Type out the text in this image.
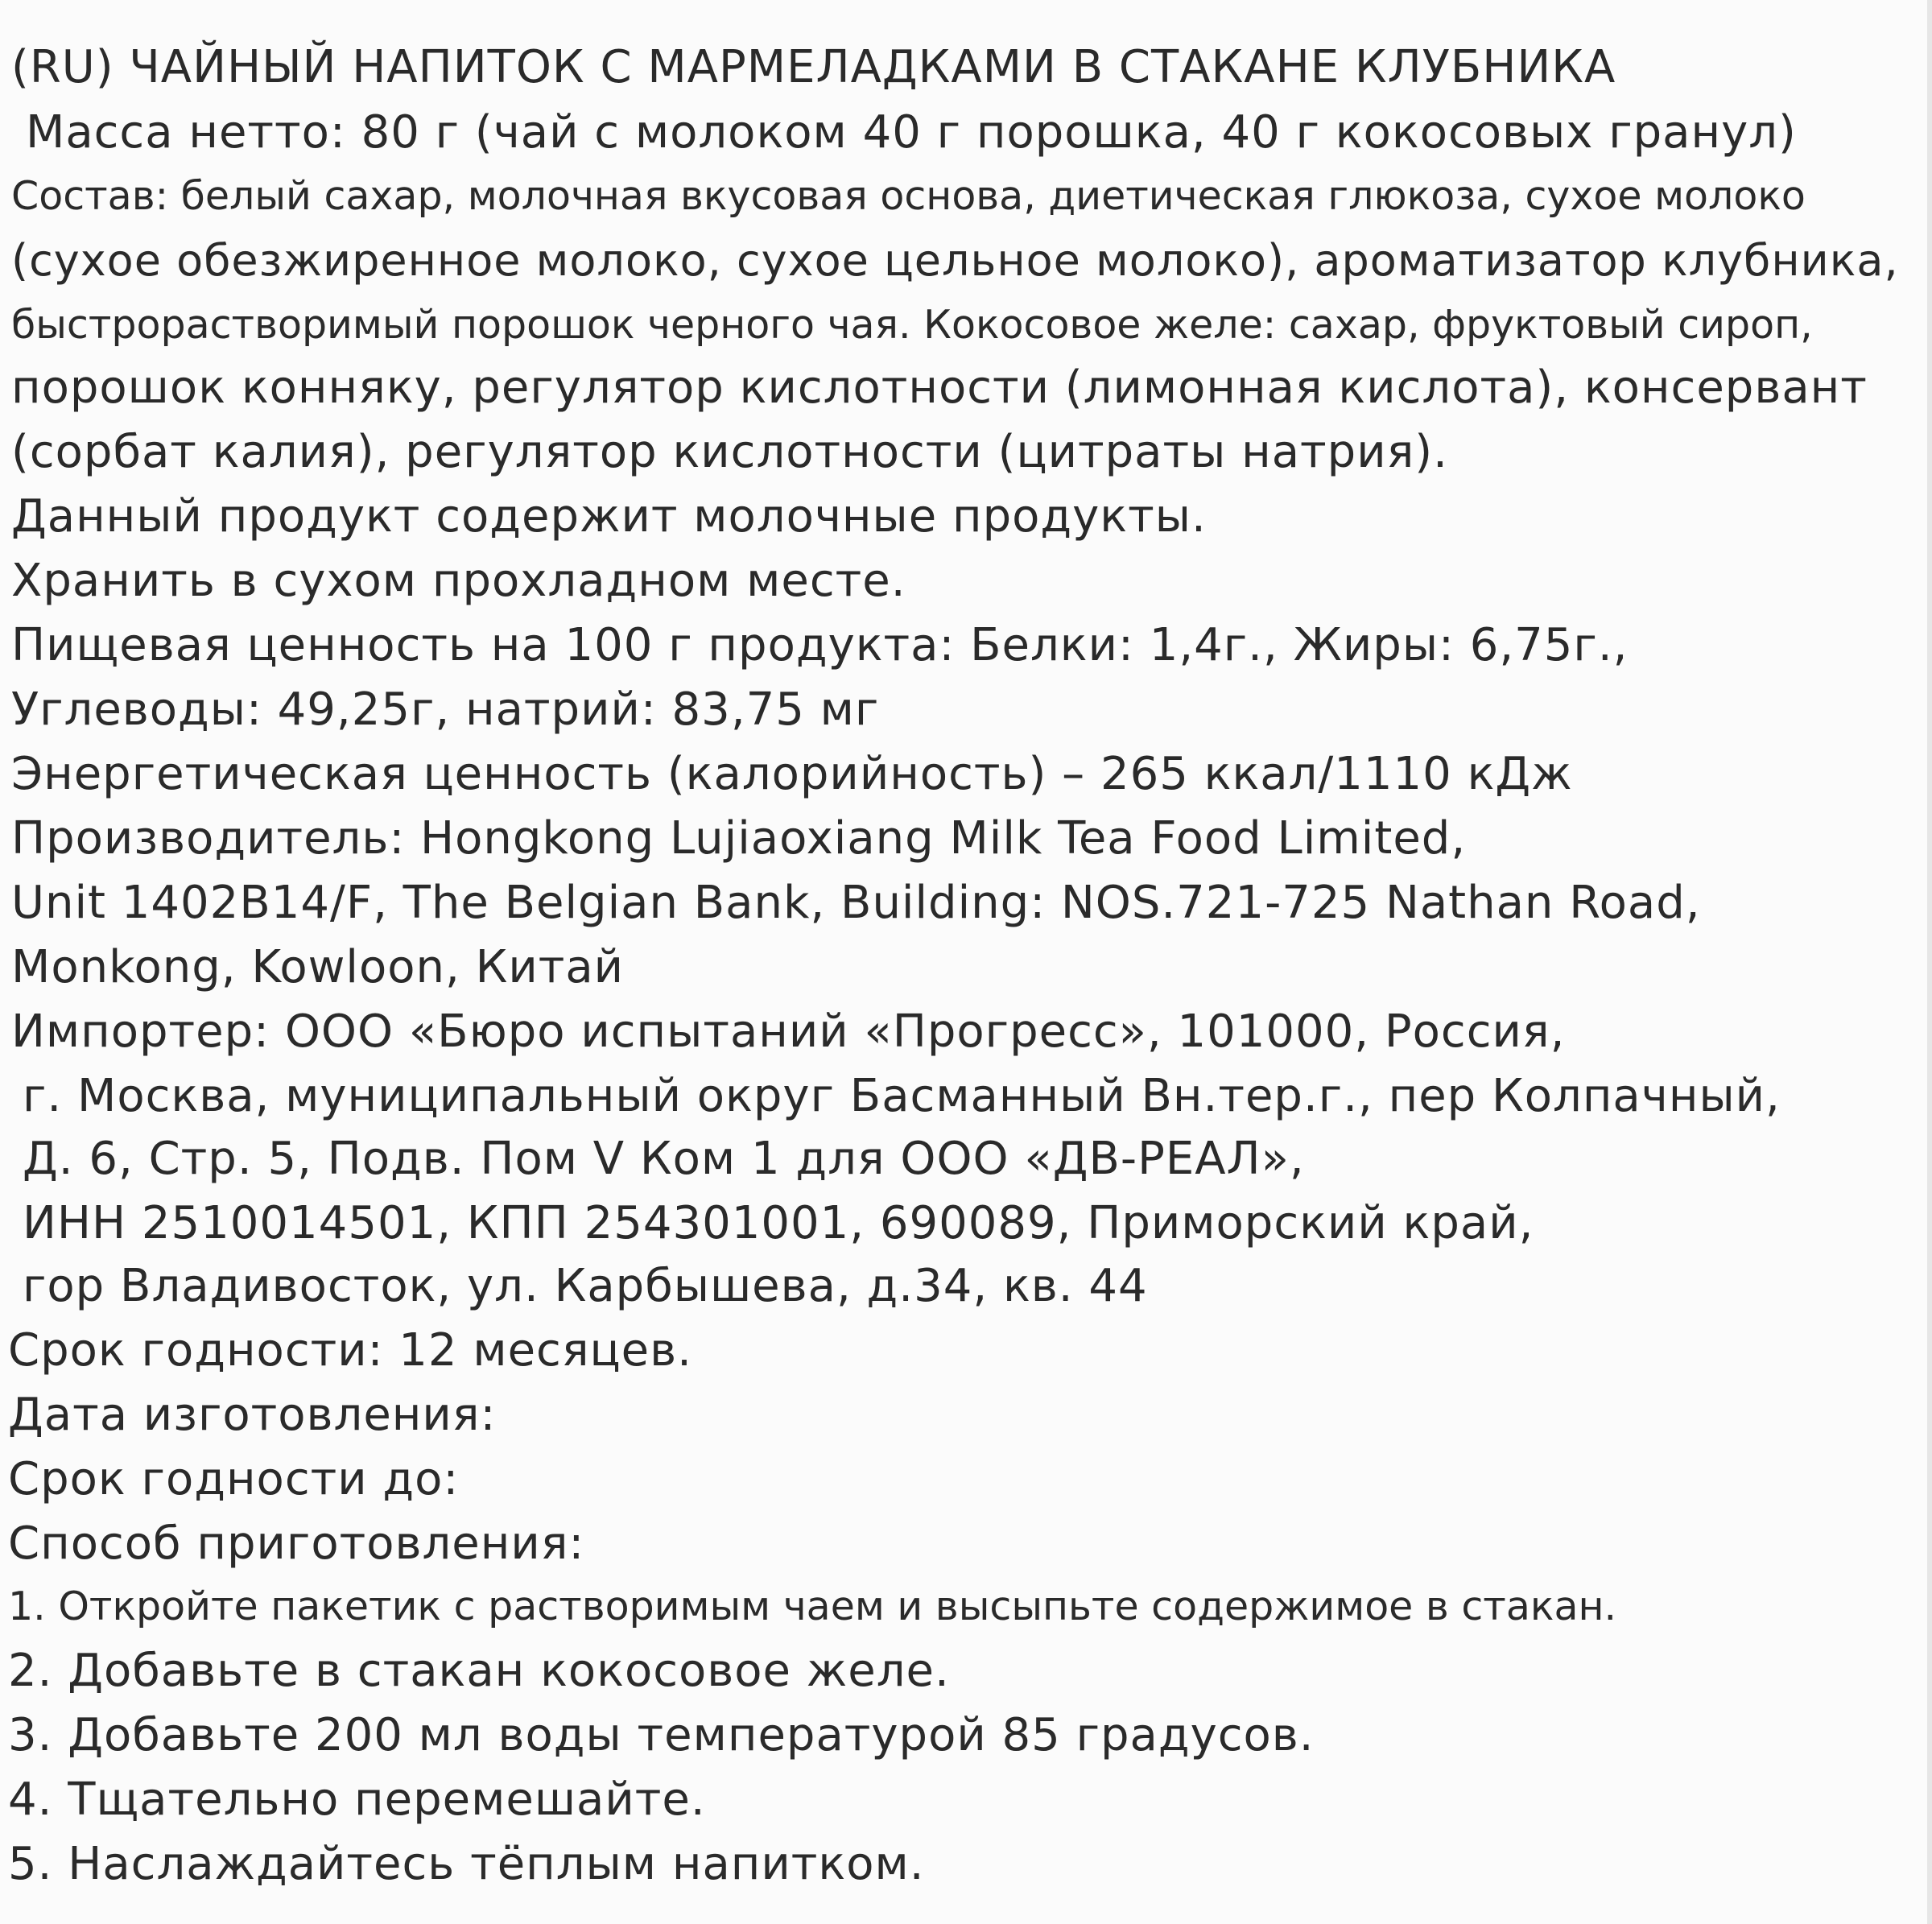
(RU) ЧАЙНЫЙ НАПИТОК С МАРМЕЛАДКАМИ В СТАКАНЕ КЛУБНИКА

Масса нетто: 80 г (чай с молоком 40 г порошка, 40 г кокосовых гранул)

Состав: белый сахар, молочная вкусовая основа, диетическая глюкоза, сухое молоко

(сухое обезжиренное молоко, сухое цельное молоко), ароматизатор клубника,

быстрорастворимый порошок черного чая. Кокосовое желе: сахар, фруктовый сироп,

порошок конняку, регулятор кислотности (лимонная кислота), консервант

(сорбат калия), регулятор кислотности (цитраты натрия).

Данный продукт содержит молочные продукты.

Хранить в сухом прохладном месте.

Пищевая ценность на 100 г продукта: Белки: 1,4г., Жиры: 6,75г.,

Углеводы: 49,25г, натрий: 83,75 мг

Энергетическая ценность (калорийность) – 265 ккал/1110 кДж

Производитель: Hongkong Lujiaoxiang Milk Tea Food Limited,

Unit 1402B14/F, The Belgian Bank, Building: NOS.721-725 Nathan Road,

Monkong, Kowloon, Китай

Импортер: ООО «Бюро испытаний «Прогресс», 101000, Россия,

г. Москва, муниципальный округ Басманный Вн.тер.г., пер Колпачный,

Д. 6, Стр. 5, Подв. Пом V Ком 1 для ООО «ДВ-РЕАЛ»,

ИНН 2510014501, КПП 254301001, 690089, Приморский край,

гор Владивосток, ул. Карбышева, д.34, кв. 44

Срок годности: 12 месяцев.

Дата изготовления:

Срок годности до:

Способ приготовления:

1. Откройте пакетик с растворимым чаем и высыпьте содержимое в стакан.

2. Добавьте в стакан кокосовое желе.

3. Добавьте 200 мл воды температурой 85 градусов.

4. Тщательно перемешайте.

5. Наслаждайтесь тёплым напитком.
